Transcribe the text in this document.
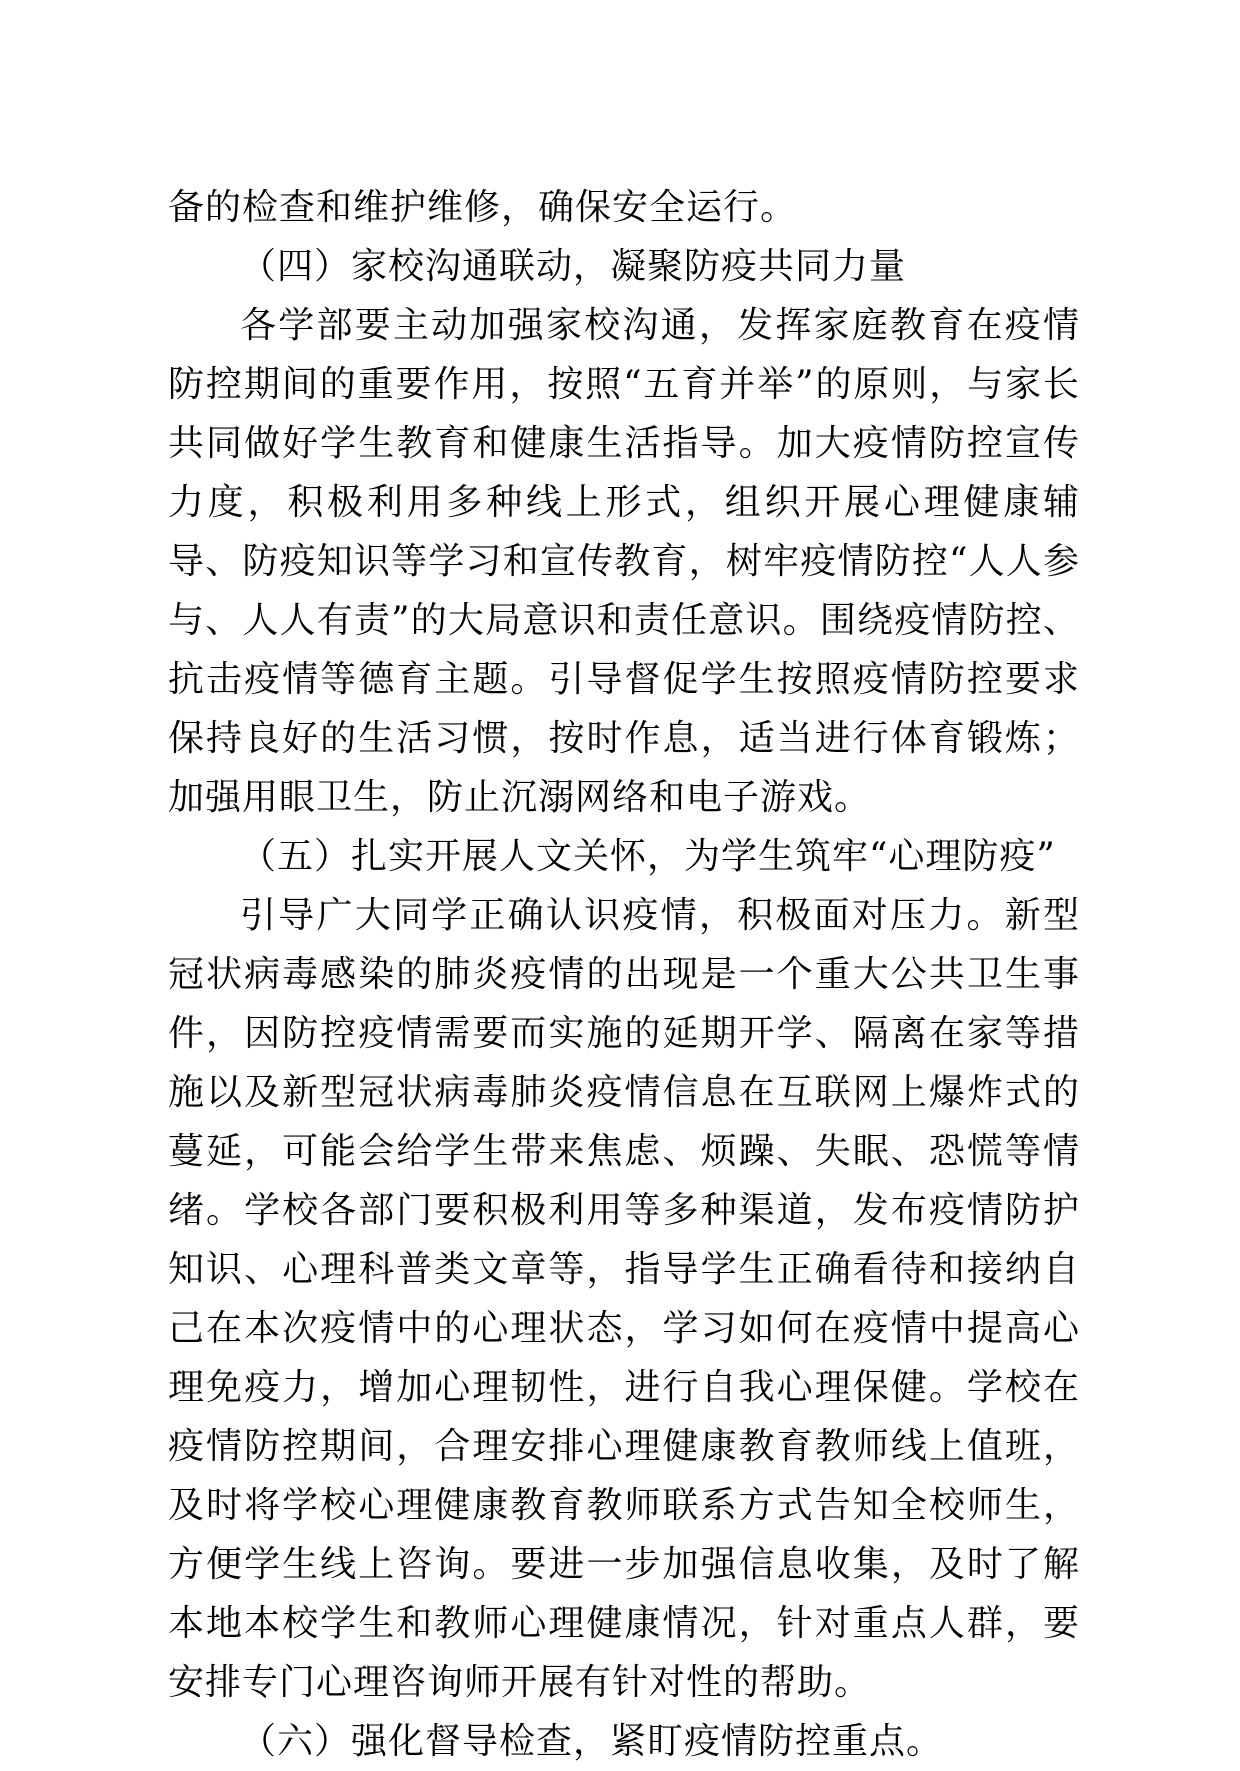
备的检查和维护维修，确保安全运行。

（四）家校沟通联动，凝聚防疫共同力量

各学部要主动加强家校沟通，发挥家庭教育在疫情防控期间的重要作用，按照“五育并举”的原则，与家长共同做好学生教育和健康生活指导。加大疫情防控宣传力度，积极利用多种线上形式，组织开展心理健康辅导、防疫知识等学习和宣传教育，树牢疫情防控“人人参与、人人有责”的大局意识和责任意识。围绕疫情防控、抗击疫情等德育主题。引导督促学生按照疫情防控要求保持良好的生活习惯，按时作息，适当进行体育锻炼；加强用眼卫生，防止沉溺网络和电子游戏。

（五）扎实开展人文关怀，为学生筑牢“心理防疫”

引导广大同学正确认识疫情，积极面对压力。新型冠状病毒感染的肺炎疫情的出现是一个重大公共卫生事件，因防控疫情需要而实施的延期开学、隔离在家等措施以及新型冠状病毒肺炎疫情信息在互联网上爆炸式的蔓延，可能会给学生带来焦虑、烦躁、失眠、恐慌等情绪。学校各部门要积极利用等多种渠道，发布疫情防护知识、心理科普类文章等，指导学生正确看待和接纳自己在本次疫情中的心理状态，学习如何在疫情中提高心理免疫力，增加心理韧性，进行自我心理保健。学校在疫情防控期间，合理安排心理健康教育教师线上值班，及时将学校心理健康教育教师联系方式告知全校师生，方便学生线上咨询。要进一步加强信息收集，及时了解本地本校学生和教师心理健康情况，针对重点人群，要安排专门心理咨询师开展有针对性的帮助。

（六）强化督导检查，紧盯疫情防控重点。
